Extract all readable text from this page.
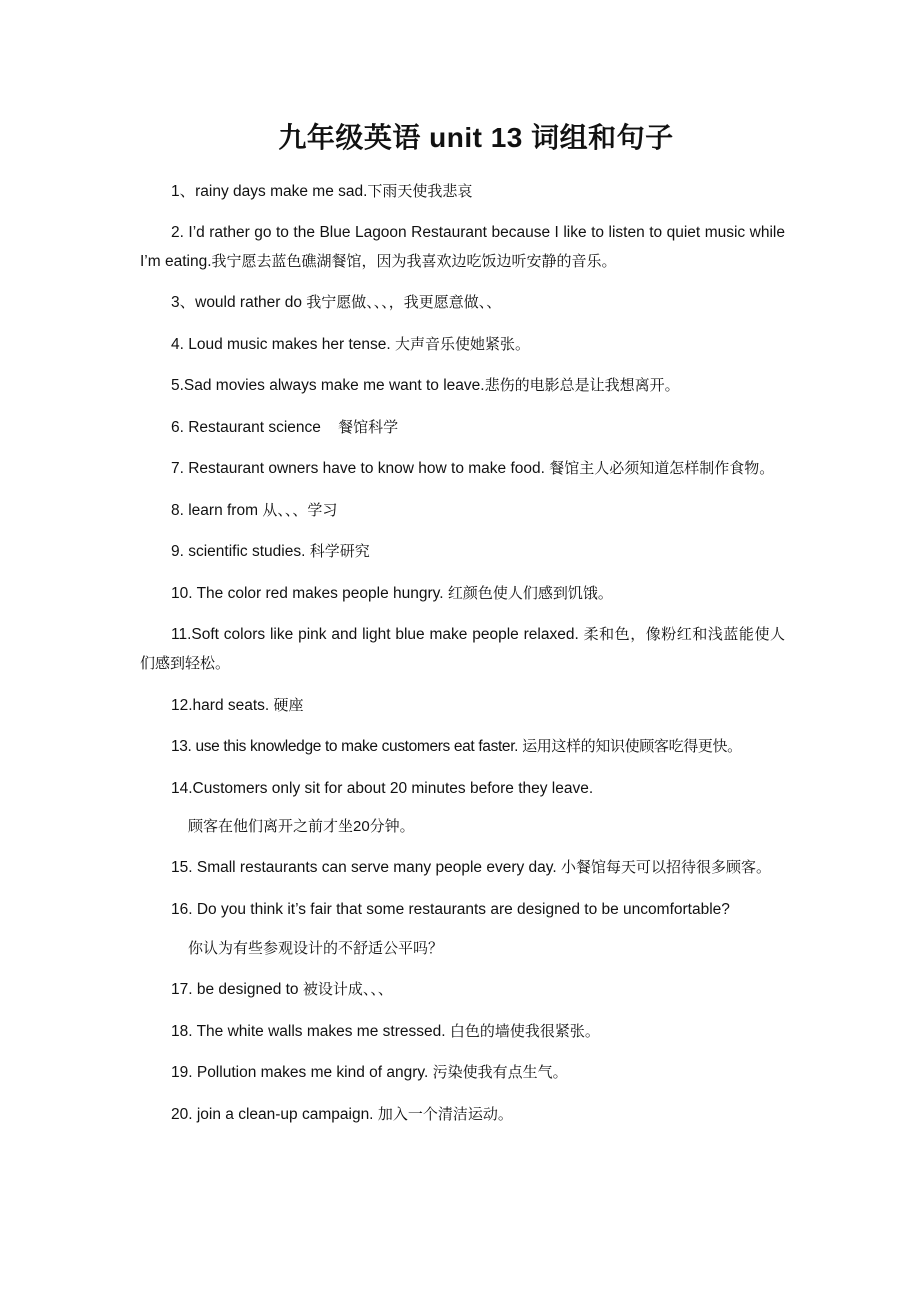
九年级英语 unit 13 词组和句子

1、rainy days make me sad.下雨天使我悲哀

2. I’d rather go to the Blue Lagoon Restaurant because I like to listen to quiet music while I’m eating.我宁愿去蓝色礁湖餐馆，因为我喜欢边吃饭边听安静的音乐。

3、would rather do 我宁愿做、、、，我更愿意做、、

4. Loud music makes her tense. 大声音乐使她紧张。

5.Sad movies always make me want to leave.悲伤的电影总是让我想离开。

6. Restaurant science    餐馆科学

7. Restaurant owners have to know how to make food. 餐馆主人必须知道怎样制作食物。

8. learn from 从、、、学习

9. scientific studies. 科学研究

10. The color red makes people hungry. 红颜色使人们感到饥饿。

11.Soft colors like pink and light blue make people relaxed. 柔和色，像粉红和浅蓝能使人们感到轻松。

12.hard seats. 硬座

13. use this knowledge to make customers eat faster. 运用这样的知识使顾客吃得更快。

14.Customers only sit for about 20 minutes before they leave.

顾客在他们离开之前才坐20分钟。

15. Small restaurants can serve many people every day. 小餐馆每天可以招待很多顾客。

16. Do you think it’s fair that some restaurants are designed to be uncomfortable?

你认为有些参观设计的不舒适公平吗？

17. be designed to 被设计成、、、

18. The white walls makes me stressed. 白色的墙使我很紧张。

19. Pollution makes me kind of angry. 污染使我有点生气。

20. join a clean-up campaign. 加入一个清洁运动。
